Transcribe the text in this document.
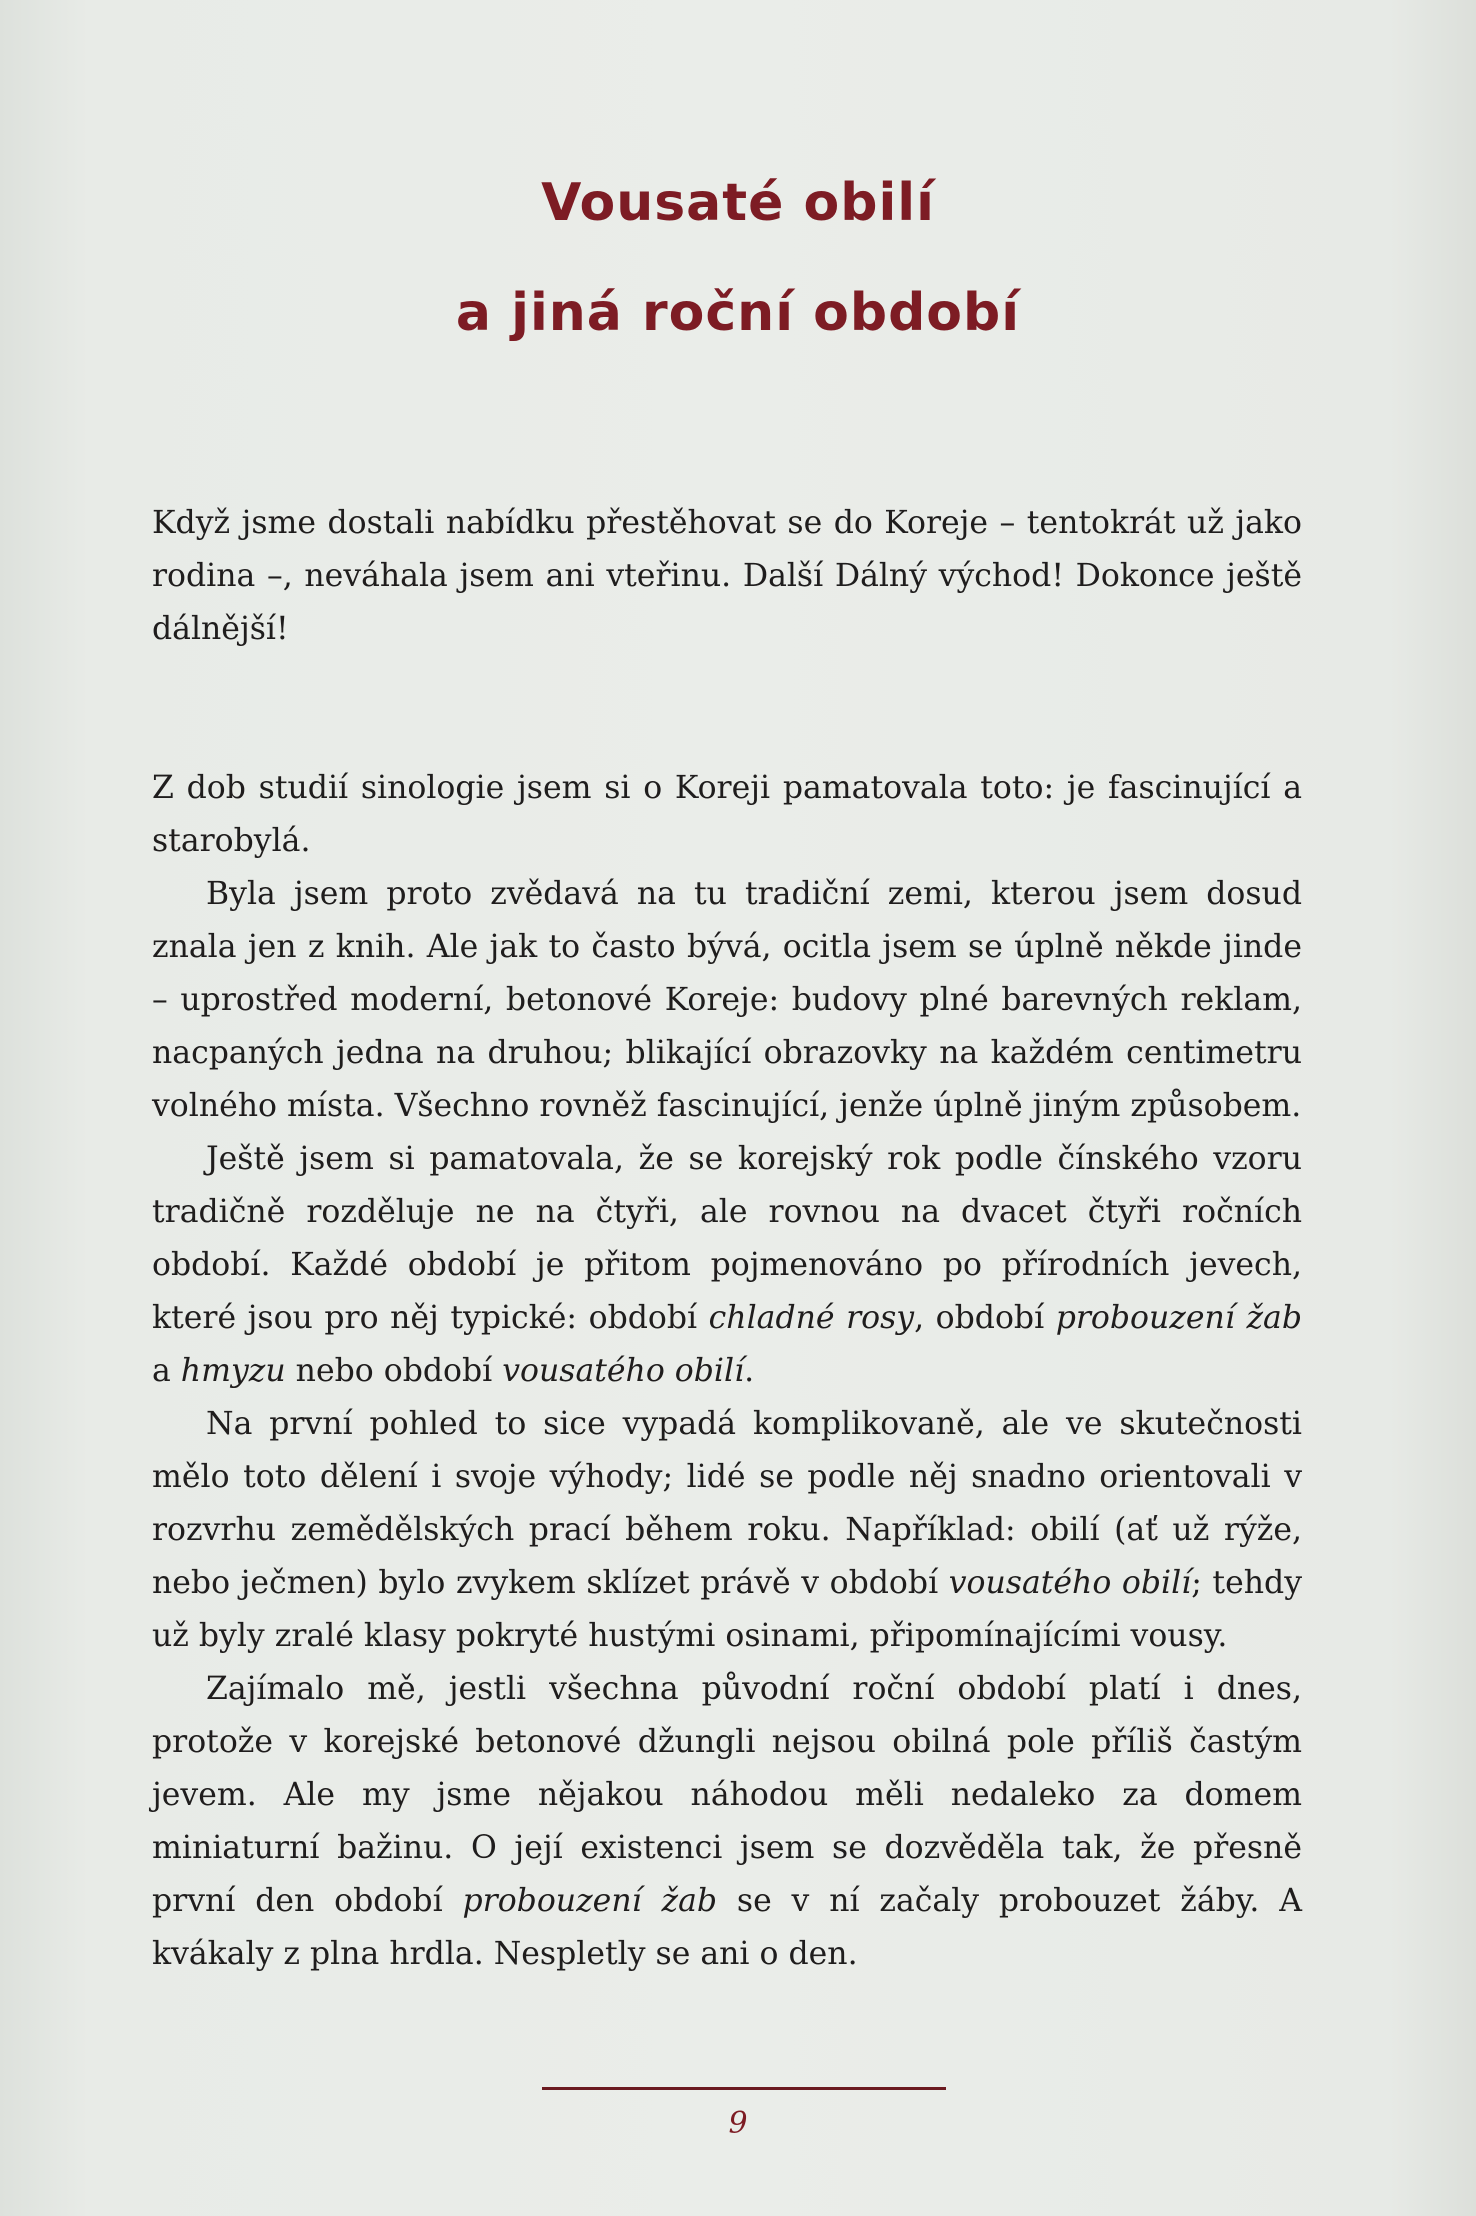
Vousaté obilí
a jiná roční období

Když jsme dostali nabídku přestěhovat se do Koreje – tentokrát už jako rodina –, neváhala jsem ani vteřinu. Další Dálný východ! Dokonce ještě dálnější!

Z dob studií sinologie jsem si o Koreji pamatovala toto: je fascinující a starobylá.

Byla jsem proto zvědavá na tu tradiční zemi, kterou jsem dosud znala jen z knih. Ale jak to často bývá, ocitla jsem se úplně někde jinde – uprostřed moderní, betonové Koreje: budovy plné barevných reklam, nacpaných jedna na druhou; blikající obrazovky na každém centimetru volného místa. Všechno rovněž fascinující, jenže úplně jiným způsobem.

Ještě jsem si pamatovala, že se korejský rok podle čínského vzoru tradičně rozděluje ne na čtyři, ale rovnou na dvacet čtyři ročních období. Každé období je přitom pojmenováno po přírodních jevech, které jsou pro něj typické: období chladné rosy, období probouzení žab a hmyzu nebo období vousatého obilí.

Na první pohled to sice vypadá komplikovaně, ale ve skutečnosti mělo toto dělení i svoje výhody; lidé se podle něj snadno orientovali v rozvrhu zemědělských prací během roku. Například: obilí (ať už rýže, nebo ječmen) bylo zvykem sklízet právě v období vousatého obilí; tehdy už byly zralé klasy pokryté hustými osinami, připomínajícími vousy.

Zajímalo mě, jestli všechna původní roční období platí i dnes, protože v korejské betonové džungli nejsou obilná pole příliš častým jevem. Ale my jsme nějakou náhodou měli nedaleko za domem miniaturní bažinu. O její existenci jsem se dozvěděla tak, že přesně první den období probouzení žab se v ní začaly probouzet žáby. A kvákaly z plna hrdla. Nespletly se ani o den.

9
